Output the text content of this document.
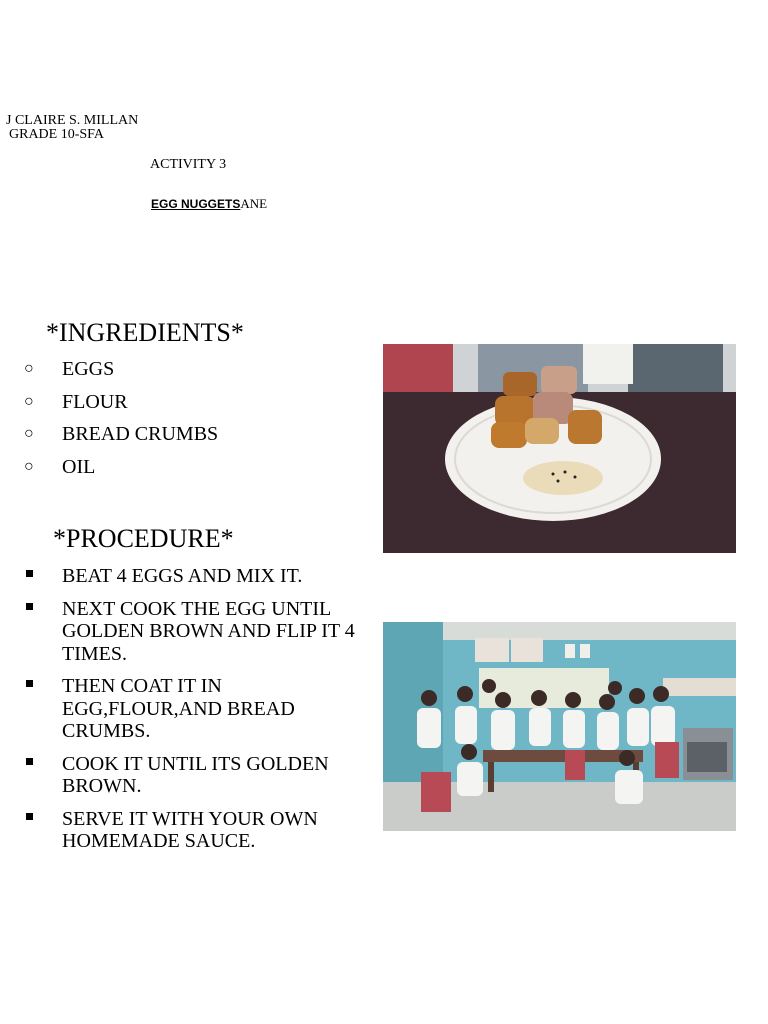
J CLAIRE S. MILLAN
GRADE 10-SFA
ACTIVITY 3
EGG NUGGETSANE
*INGREDIENTS*
○ EGGS
○ FLOUR
○ BREAD CRUMBS
○ OIL
*PROCEDURE*
BEAT 4 EGGS AND MIX IT.
NEXT COOK THE EGG UNTIL GOLDEN BROWN AND FLIP IT 4 TIMES.
THEN COAT IT IN EGG,FLOUR,AND BREAD CRUMBS.
COOK IT UNTIL ITS GOLDEN BROWN.
SERVE IT WITH YOUR OWN HOMEMADE SAUCE.
